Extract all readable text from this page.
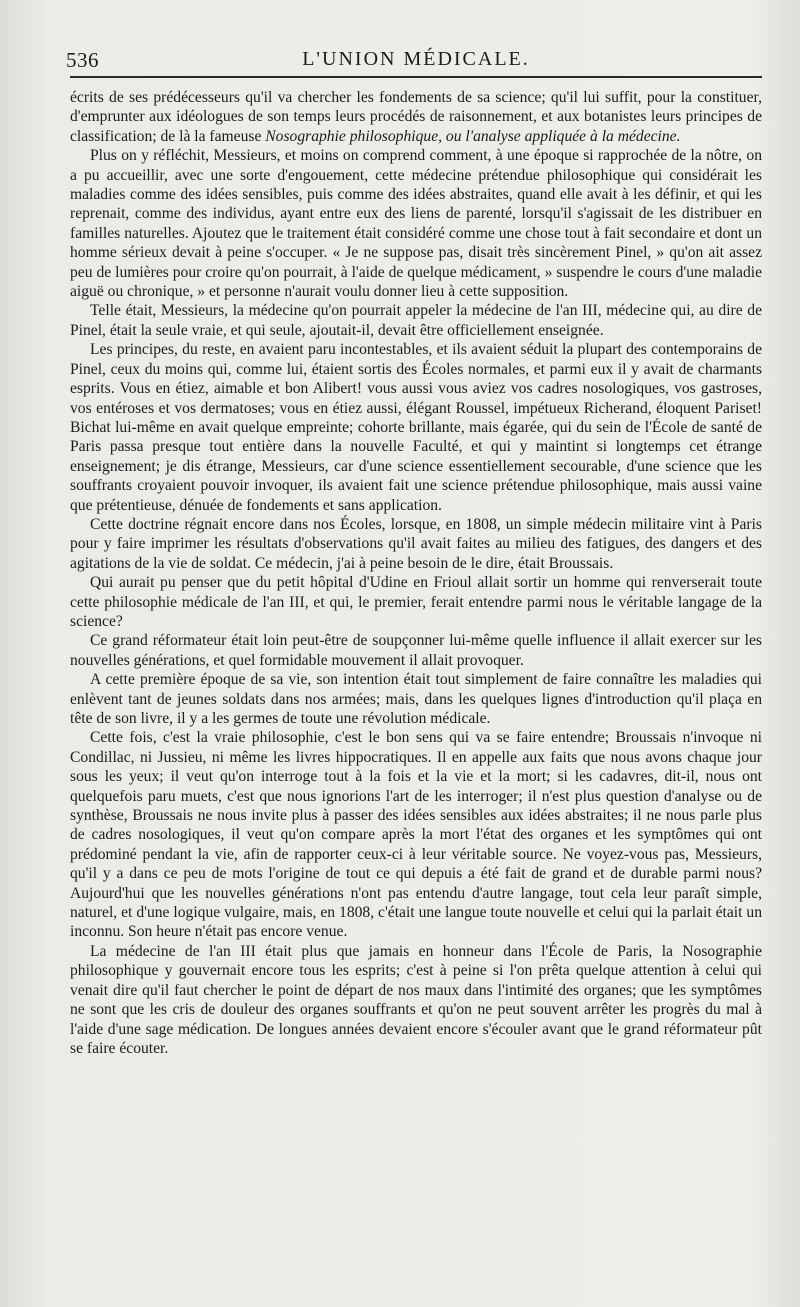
536	L'UNION MÉDICALE.

écrits de ses prédécesseurs qu'il va chercher les fondements de sa science; qu'il lui suffit, pour la constituer, d'emprunter aux idéologues de son temps leurs procédés de raisonnement, et aux botanistes leurs principes de classification; de là la fameuse Nosographie philosophique, ou l'analyse appliquée à la médecine.

Plus on y réfléchit, Messieurs, et moins on comprend comment, à une époque si rapprochée de la nôtre, on a pu accueillir, avec une sorte d'engouement, cette médecine prétendue philosophique qui considérait les maladies comme des idées sensibles, puis comme des idées abstraites, quand elle avait à les définir, et qui les reprenait, comme des individus, ayant entre eux des liens de parenté, lorsqu'il s'agissait de les distribuer en familles naturelles. Ajoutez que le traitement était considéré comme une chose tout à fait secondaire et dont un homme sérieux devait à peine s'occuper. « Je ne suppose pas, disait très sincèrement Pinel, » qu'on ait assez peu de lumières pour croire qu'on pourrait, à l'aide de quelque médicament, » suspendre le cours d'une maladie aiguë ou chronique, » et personne n'aurait voulu donner lieu à cette supposition.

Telle était, Messieurs, la médecine qu'on pourrait appeler la médecine de l'an III, médecine qui, au dire de Pinel, était la seule vraie, et qui seule, ajoutait-il, devait être officiellement enseignée.

Les principes, du reste, en avaient paru incontestables, et ils avaient séduit la plupart des contemporains de Pinel, ceux du moins qui, comme lui, étaient sortis des Écoles normales, et parmi eux il y avait de charmants esprits. Vous en étiez, aimable et bon Alibert! vous aussi vous aviez vos cadres nosologiques, vos gastroses, vos entéroses et vos dermatoses; vous en étiez aussi, élégant Roussel, impétueux Richerand, éloquent Pariset! Bichat lui-même en avait quelque empreinte; cohorte brillante, mais égarée, qui du sein de l'École de santé de Paris passa presque tout entière dans la nouvelle Faculté, et qui y maintint si longtemps cet étrange enseignement; je dis étrange, Messieurs, car d'une science essentiellement secourable, d'une science que les souffrants croyaient pouvoir invoquer, ils avaient fait une science prétendue philosophique, mais aussi vaine que prétentieuse, dénuée de fondements et sans application.

Cette doctrine régnait encore dans nos Écoles, lorsque, en 1808, un simple médecin militaire vint à Paris pour y faire imprimer les résultats d'observations qu'il avait faites au milieu des fatigues, des dangers et des agitations de la vie de soldat. Ce médecin, j'ai à peine besoin de le dire, était Broussais.

Qui aurait pu penser que du petit hôpital d'Udine en Frioul allait sortir un homme qui renverserait toute cette philosophie médicale de l'an III, et qui, le premier, ferait entendre parmi nous le véritable langage de la science?

Ce grand réformateur était loin peut-être de soupçonner lui-même quelle influence il allait exercer sur les nouvelles générations, et quel formidable mouvement il allait provoquer.

A cette première époque de sa vie, son intention était tout simplement de faire connaître les maladies qui enlèvent tant de jeunes soldats dans nos armées; mais, dans les quelques lignes d'introduction qu'il plaça en tête de son livre, il y a les germes de toute une révolution médicale.

Cette fois, c'est la vraie philosophie, c'est le bon sens qui va se faire entendre; Broussais n'invoque ni Condillac, ni Jussieu, ni même les livres hippocratiques. Il en appelle aux faits que nous avons chaque jour sous les yeux; il veut qu'on interroge tout à la fois et la vie et la mort; si les cadavres, dit-il, nous ont quelquefois paru muets, c'est que nous ignorions l'art de les interroger; il n'est plus question d'analyse ou de synthèse, Broussais ne nous invite plus à passer des idées sensibles aux idées abstraites; il ne nous parle plus de cadres nosologiques, il veut qu'on compare après la mort l'état des organes et les symptômes qui ont prédominé pendant la vie, afin de rapporter ceux-ci à leur véritable source. Ne voyez-vous pas, Messieurs, qu'il y a dans ce peu de mots l'origine de tout ce qui depuis a été fait de grand et de durable parmi nous? Aujourd'hui que les nouvelles générations n'ont pas entendu d'autre langage, tout cela leur paraît simple, naturel, et d'une logique vulgaire, mais, en 1808, c'était une langue toute nouvelle et celui qui la parlait était un inconnu. Son heure n'était pas encore venue.

La médecine de l'an III était plus que jamais en honneur dans l'École de Paris, la Nosographie philosophique y gouvernait encore tous les esprits; c'est à peine si l'on prêta quelque attention à celui qui venait dire qu'il faut chercher le point de départ de nos maux dans l'intimité des organes; que les symptômes ne sont que les cris de douleur des organes souffrants et qu'on ne peut souvent arrêter les progrès du mal à l'aide d'une sage médication. De longues années devaient encore s'écouler avant que le grand réformateur pût se faire écouter.
